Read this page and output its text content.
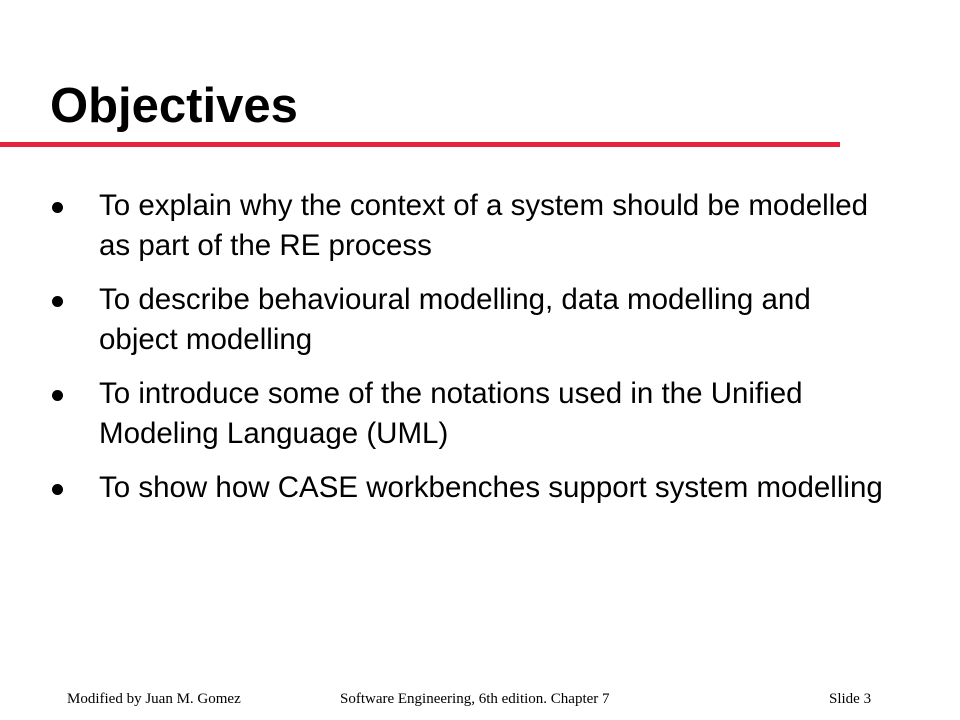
Objectives
To explain why the context of a system should be modelled as part of the RE process
To describe behavioural modelling, data modelling and object modelling
To introduce some of the notations used in the Unified Modeling Language (UML)
To show how CASE workbenches support system modelling
Modified by Juan M. Gomez	Software Engineering, 6th edition. Chapter 7	Slide 3
